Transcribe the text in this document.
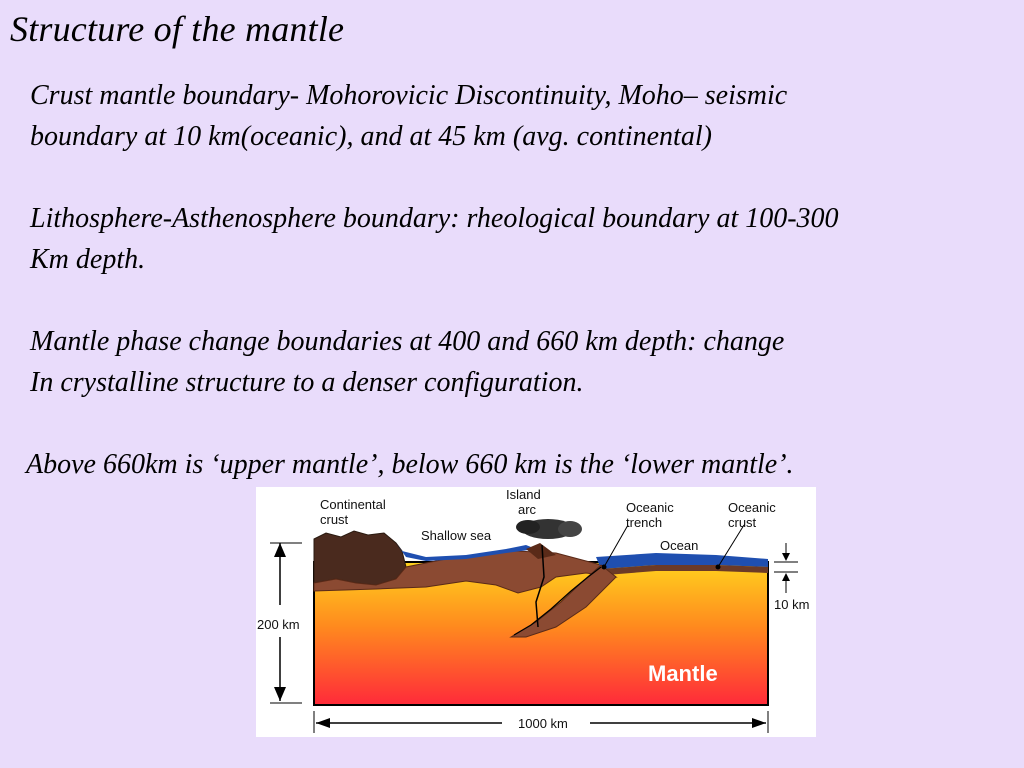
Structure of the mantle

Crust mantle boundary- Mohorovicic Discontinuity, Moho– seismic
boundary at 10 km(oceanic), and at 45 km (avg. continental)

Lithosphere-Asthenosphere boundary: rheological boundary at 100-300
Km depth.

Mantle phase change boundaries at 400 and 660 km depth: change
In crystalline structure to a denser configuration.

Above 660km is ‘upper mantle’, below 660 km is the ‘lower mantle’.

Continental
crust
Island
arc
Shallow sea
Oceanic
trench
Oceanic
crust
Ocean
200 km
10 km
1000 km
Mantle
